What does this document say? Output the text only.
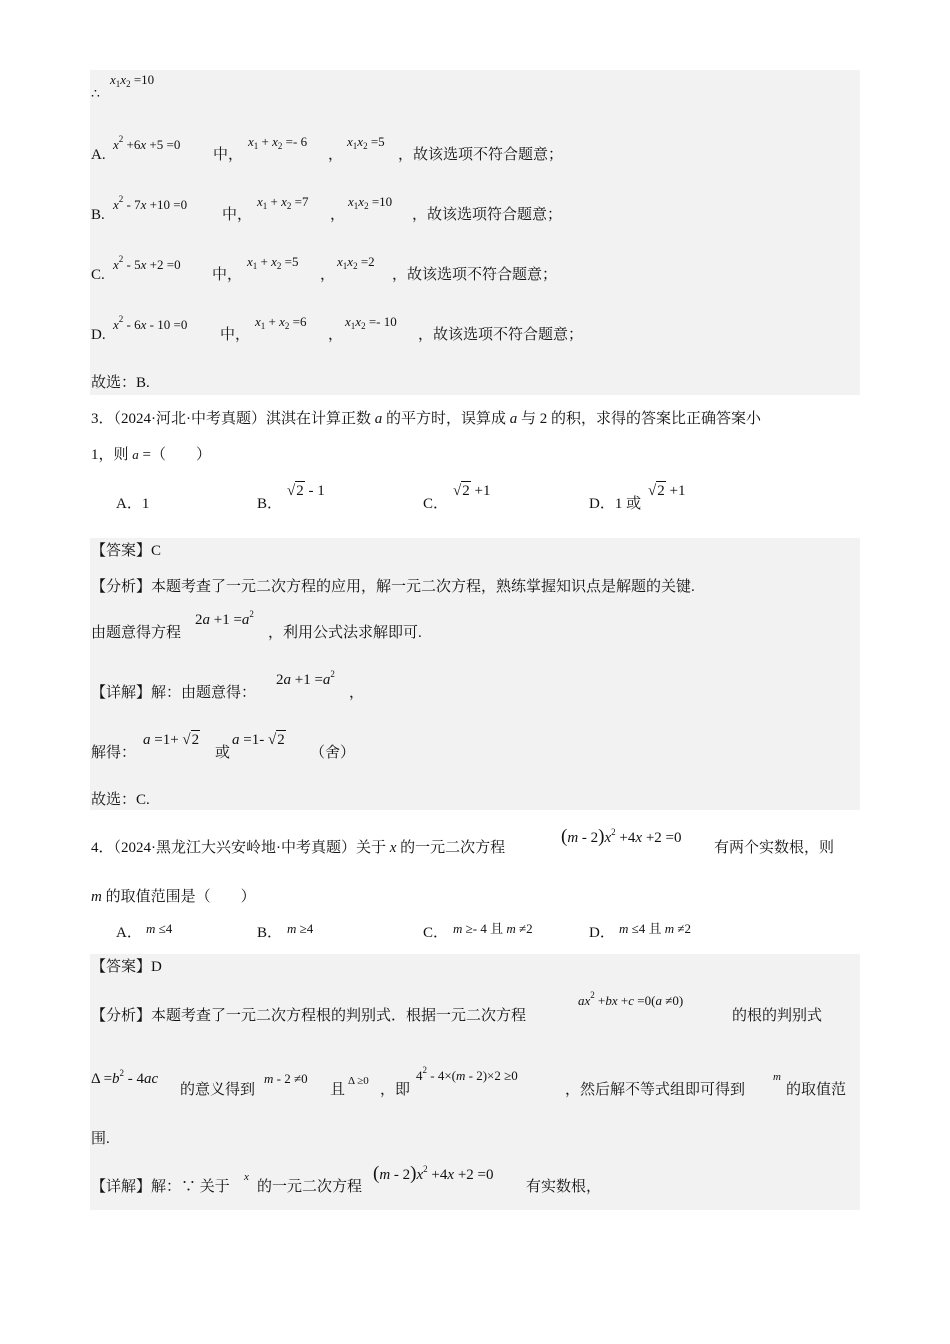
∴
$x_1x_2 =10$
A.
$x^2 +6x +5 =0$
中，
$x_1 + x_2 =- 6$
，
$x_1x_2 =5$
，故该选项不符合题意；
B.
$x^2 - 7x +10 =0$
中，
$x_1 + x_2 =7$
，
$x_1x_2 =10$
，故该选项符合题意；
C.
$x^2 - 5x +2 =0$
中，
$x_1 + x_2 =5$
，
$x_1x_2 =2$
，故该选项不符合题意；
D.
$x^2 - 6x - 10 =0$
中，
$x_1 + x_2 =6$
，
$x_1x_2 =- 10$
，故该选项不符合题意；
故选：B.
3．（2024·河北·中考真题）淇淇在计算正数 a 的平方时，误算成 a 与 2 的积，求得的答案比正确答案小
1，则 a =（　　）
A．1	B．
√2 - 1
C．
√2 +1
D．1 或
√2 +1
【答案】C
【分析】本题考查了一元二次方程的应用，解一元二次方程，熟练掌握知识点是解题的关键.
由题意得方程
$2a +1 =a^2$
，利用公式法求解即可.
【详解】解：由题意得：
$2a +1 =a^2$
，
解得：
a =1+ √2
或
a =1- √2
（舍）
故选：C.
4．（2024·黑龙江大兴安岭地·中考真题）关于 x 的一元二次方程
$(m - 2)x^2 +4x +2 =0$
有两个实数根，则
m 的取值范围是（　　）
A． m ≤4	B． m ≥4	C． m ≥- 4 且 m ≠2	D． m ≤4 且 m ≠2
【答案】D
【分析】本题考查了一元二次方程根的判别式．根据一元二次方程
$ax^2 +bx +c =0(a \ne 0)$
的根的判别式
$\Delta =b^2 - 4ac$
的意义得到
m - 2 ≠0
且
Δ ≥0
，即
$4^2 - 4\times(m - 2)\times 2 \ge 0$
，然后解不等式组即可得到
m
的取值范
围.
【详解】解：∵ 关于
x
的一元二次方程
$(m - 2)x^2 +4x +2 =0$
有实数根，
